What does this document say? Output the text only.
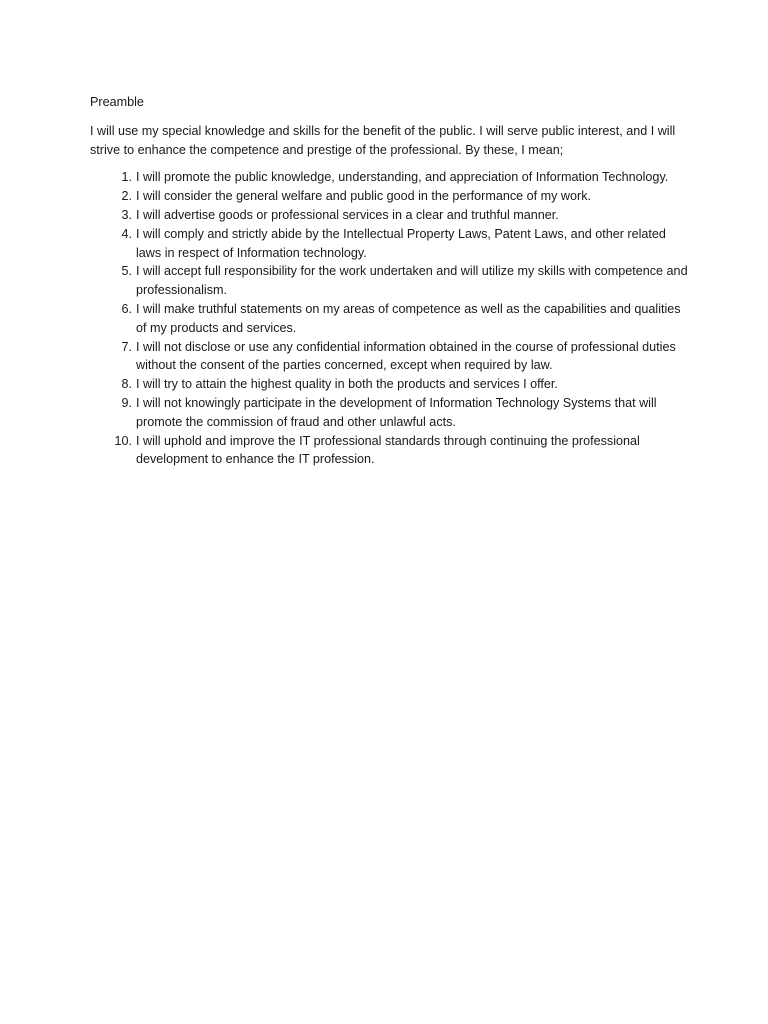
Preamble

I will use my special knowledge and skills for the benefit of the public. I will serve public interest, and I will strive to enhance the competence and prestige of the professional. By these, I mean;

1. I will promote the public knowledge, understanding, and appreciation of Information Technology.
2. I will consider the general welfare and public good in the performance of my work.
3. I will advertise goods or professional services in a clear and truthful manner.
4. I will comply and strictly abide by the Intellectual Property Laws, Patent Laws, and other related laws in respect of Information technology.
5. I will accept full responsibility for the work undertaken and will utilize my skills with competence and professionalism.
6. I will make truthful statements on my areas of competence as well as the capabilities and qualities of my products and services.
7. I will not disclose or use any confidential information obtained in the course of professional duties without the consent of the parties concerned, except when required by law.
8. I will try to attain the highest quality in both the products and services I offer.
9. I will not knowingly participate in the development of Information Technology Systems that will promote the commission of fraud and other unlawful acts.
10. I will uphold and improve the IT professional standards through continuing the professional development to enhance the IT profession.
